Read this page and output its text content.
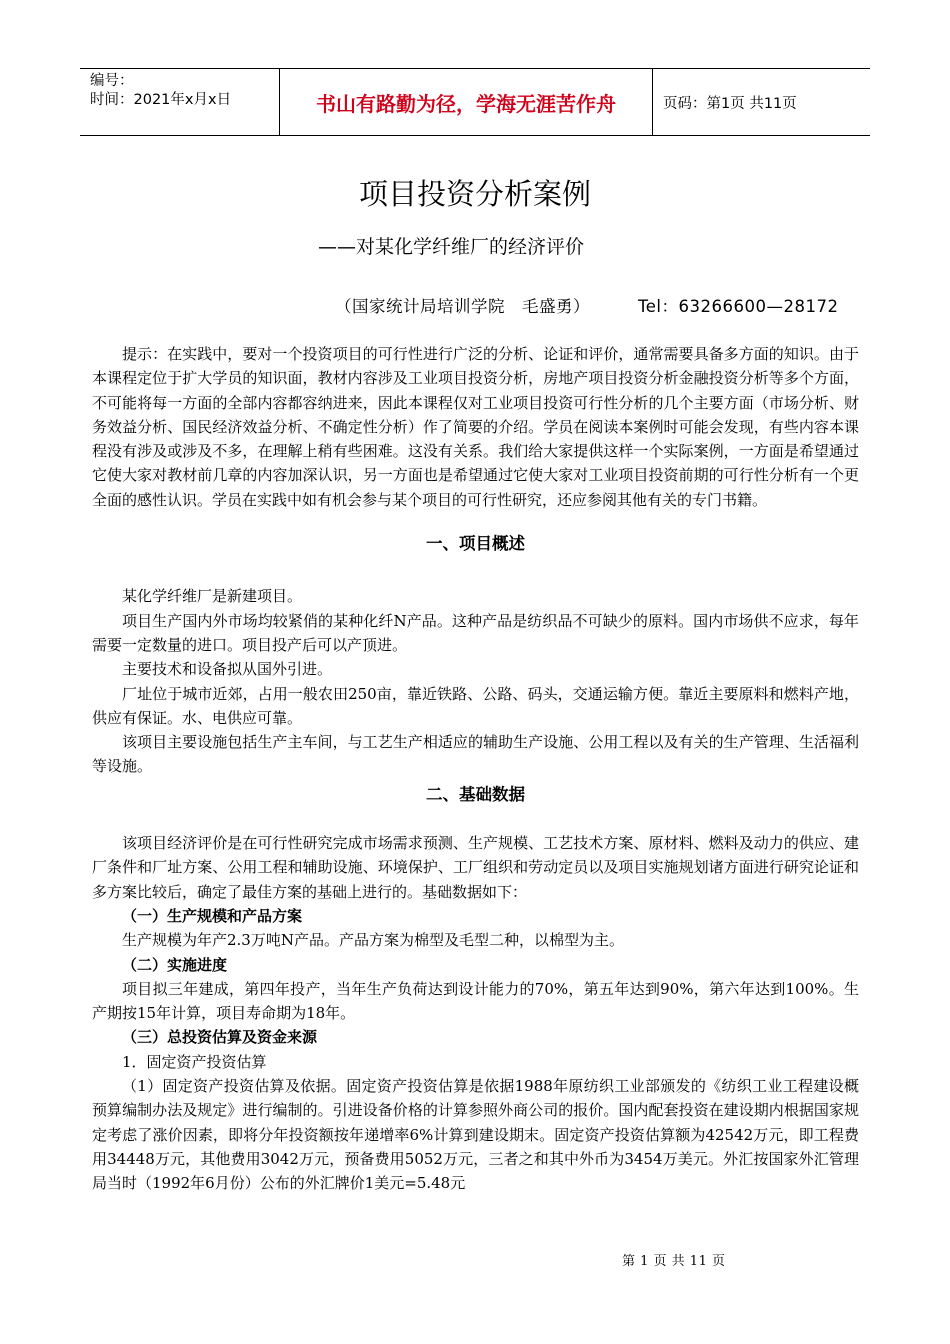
编号：
时间：2021年x月x日	书山有路勤为径，学海无涯苦作舟	页码：第1页 共11页
项目投资分析案例
——对某化学纤维厂的经济评价
（国家统计局培训学院　毛盛勇）	Tel：63266600—28172

提示：在实践中，要对一个投资项目的可行性进行广泛的分析、论证和评价，通常需要具备多方面的知识。由于本课程定位于扩大学员的知识面，教材内容涉及工业项目投资分析，房地产项目投资分析金融投资分析等多个方面，不可能将每一方面的全部内容都容纳进来，因此本课程仅对工业项目投资可行性分析的几个主要方面（市场分析、财务效益分析、国民经济效益分析、不确定性分析）作了简要的介绍。学员在阅读本案例时可能会发现，有些内容本课程没有涉及或涉及不多，在理解上稍有些困难。这没有关系。我们给大家提供这样一个实际案例，一方面是希望通过它使大家对教材前几章的内容加深认识，另一方面也是希望通过它使大家对工业项目投资前期的可行性分析有一个更全面的感性认识。学员在实践中如有机会参与某个项目的可行性研究，还应参阅其他有关的专门书籍。

一、项目概述

某化学纤维厂是新建项目。

项目生产国内外市场均较紧俏的某种化纤N产品。这种产品是纺织品不可缺少的原料。国内市场供不应求，每年需要一定数量的进口。项目投产后可以产顶进。

主要技术和设备拟从国外引进。

厂址位于城市近郊，占用一般农田250亩，靠近铁路、公路、码头，交通运输方便。靠近主要原料和燃料产地，供应有保证。水、电供应可靠。

该项目主要设施包括生产主车间，与工艺生产相适应的辅助生产设施、公用工程以及有关的生产管理、生活福利等设施。

二、基础数据

该项目经济评价是在可行性研究完成市场需求预测、生产规模、工艺技术方案、原材料、燃料及动力的供应、建厂条件和厂址方案、公用工程和辅助设施、环境保护、工厂组织和劳动定员以及项目实施规划诸方面进行研究论证和多方案比较后，确定了最佳方案的基础上进行的。基础数据如下：

（一）生产规模和产品方案

生产规模为年产2.3万吨N产品。产品方案为棉型及毛型二种，以棉型为主。

（二）实施进度

项目拟三年建成，第四年投产，当年生产负荷达到设计能力的70%，第五年达到90%，第六年达到100%。生产期按15年计算，项目寿命期为18年。

（三）总投资估算及资金来源
1．固定资产投资估算

（1）固定资产投资估算及依据。固定资产投资估算是依据1988年原纺织工业部颁发的《纺织工业工程建设概预算编制办法及规定》进行编制的。引进设备价格的计算参照外商公司的报价。国内配套投资在建设期内根据国家规定考虑了涨价因素，即将分年投资额按年递增率6%计算到建设期末。固定资产投资估算额为42542万元，即工程费用34448万元，其他费用3042万元，预备费用5052万元，三者之和其中外币为3454万美元。外汇按国家外汇管理局当时（1992年6月份）公布的外汇牌价1美元=5.48元

第 1 页 共 11 页
